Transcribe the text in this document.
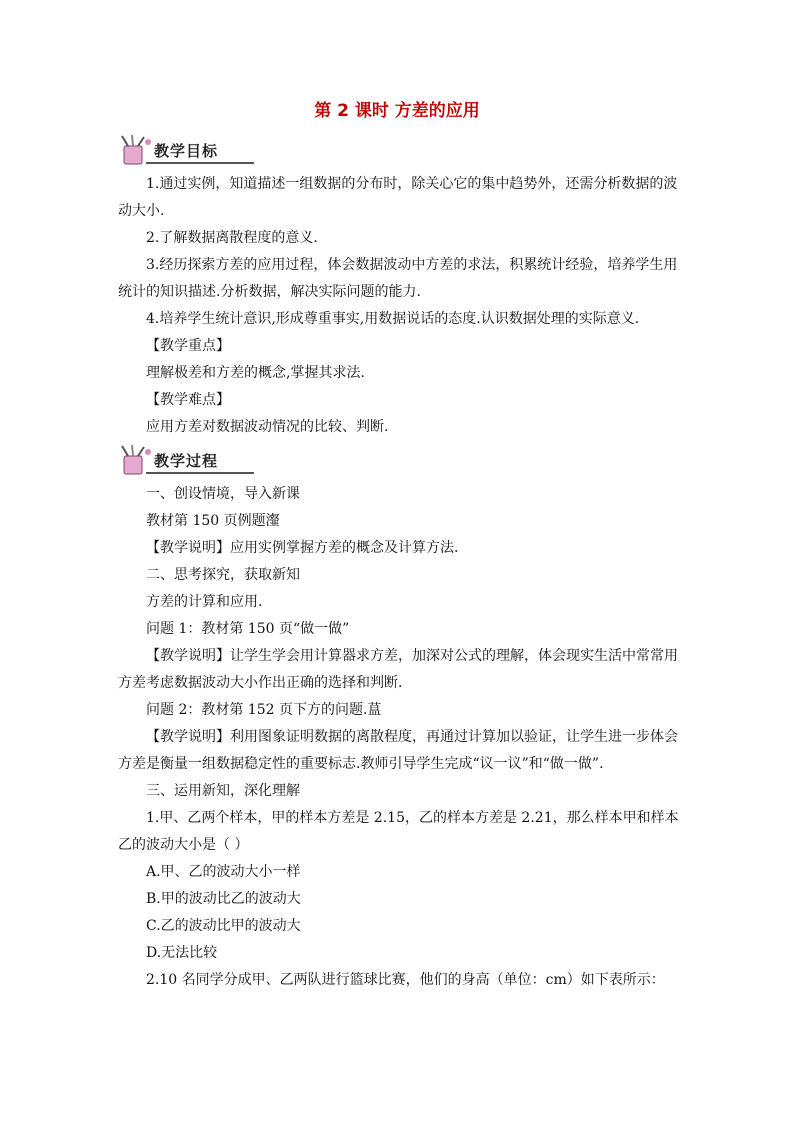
第 2 课时 方差的应用
教学目标
1.通过实例，知道描述一组数据的分布时，除关心它的集中趋势外，还需分析数据的波
动大小.
2.了解数据离散程度的意义.
3.经历探索方差的应用过程，体会数据波动中方差的求法，积累统计经验，培养学生用
统计的知识描述.分析数据，解决实际问题的能力.
4.培养学生统计意识,形成尊重事实,用数据说话的态度.认识数据处理的实际意义.
【教学重点】
理解极差和方差的概念,掌握其求法.
【教学难点】
应用方差对数据波动情况的比较、判断.
教学过程
一、创设情境，导入新课
教材第 150 页例题瀣
【教学说明】应用实例掌握方差的概念及计算方法.
二、思考探究，获取新知
方差的计算和应用.
问题 1：教材第 150 页“做一做”
【教学说明】让学生学会用计算器求方差，加深对公式的理解，体会现实生活中常常用
方差考虑数据波动大小作出正确的选择和判断.
问题 2：教材第 152 页下方的问题.蒀
【教学说明】利用图象证明数据的离散程度，再通过计算加以验证，让学生进一步体会
方差是衡量一组数据稳定性的重要标志.教师引导学生完成“议一议”和“做一做”.
三、运用新知，深化理解
1.甲、乙两个样本，甲的样本方差是 2.15，乙的样本方差是 2.21，那么样本甲和样本
乙的波动大小是（ ）
A.甲、乙的波动大小一样
B.甲的波动比乙的波动大
C.乙的波动比甲的波动大
D.无法比较
2.10 名同学分成甲、乙两队进行篮球比赛，他们的身高（单位：cm）如下表所示：
